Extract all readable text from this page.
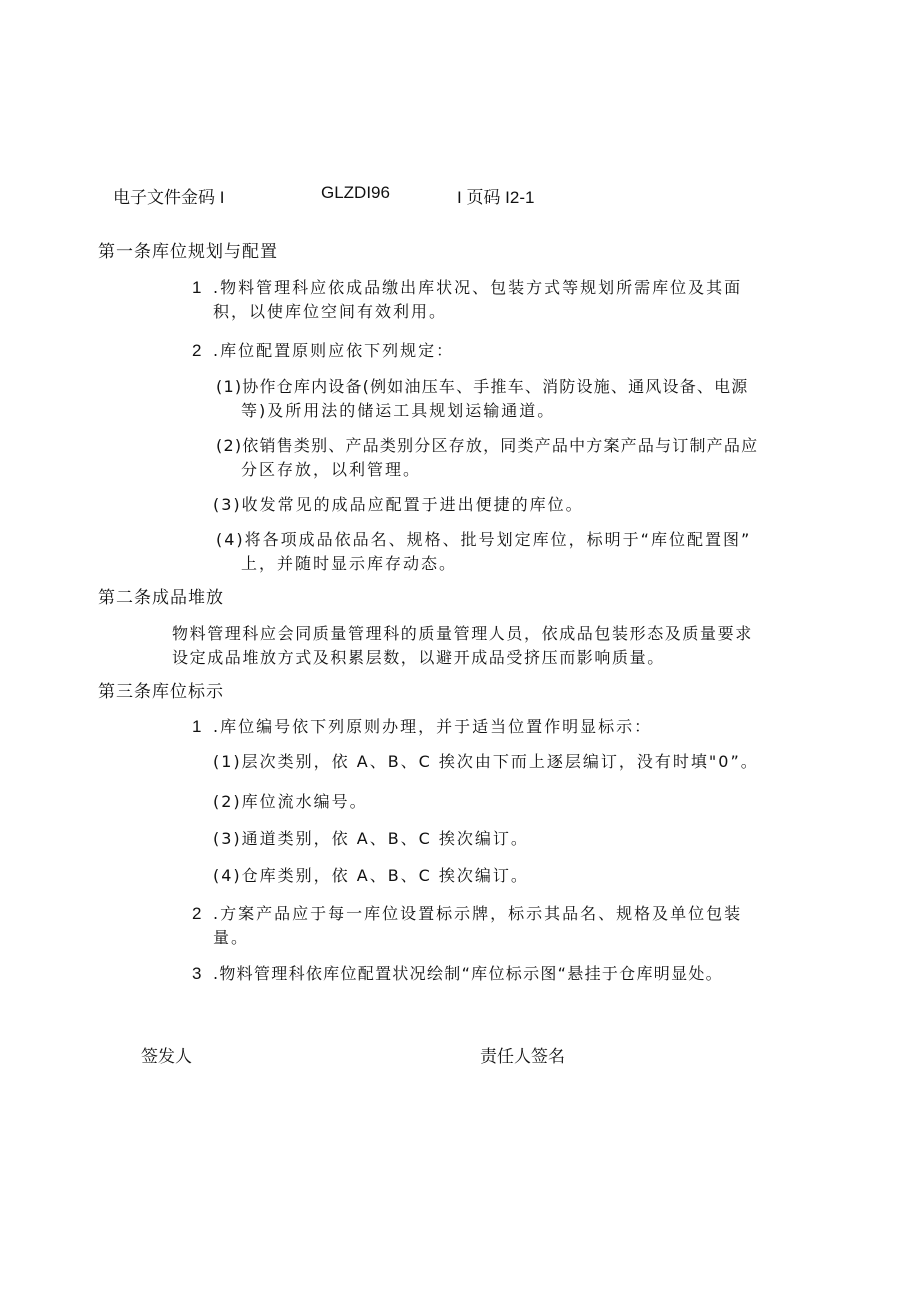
电子文件金码 I	GLZDI96	I 页码 I2-1
第一条库位规划与配置
1 .物料管理科应依成品缴出库状况、包装方式等规划所需库位及其面
积，以使库位空间有效利用。
2 .库位配置原则应依下列规定：
(1)协作仓库内设备(例如油压车、手推车、消防设施、通风设备、电源
等)及所用法的储运工具规划运输通道。
(2)依销售类别、产品类别分区存放，同类产品中方案产品与订制产品应
分区存放，以利管理。
(3)收发常见的成品应配置于进出便捷的库位。
(4)将各项成品依品名、规格、批号划定库位，标明于“库位配置图”
上，并随时显示库存动态。
第二条成品堆放
物料管理科应会同质量管理科的质量管理人员，依成品包装形态及质量要求
设定成品堆放方式及积累层数，以避开成品受挤压而影响质量。
第三条库位标示
1 .库位编号依下列原则办理，并于适当位置作明显标示：
(1)层次类别，依 A、B、C 挨次由下而上逐层编订，没有时填"0”。
(2)库位流水编号。
(3)通道类别，依 A、B、C 挨次编订。
(4)仓库类别，依 A、B、C 挨次编订。
2 .方案产品应于每一库位设置标示牌，标示其品名、规格及单位包装
量。
3 .物料管理科依库位配置状况绘制“库位标示图“悬挂于仓库明显处。
签发人	责任人签名
